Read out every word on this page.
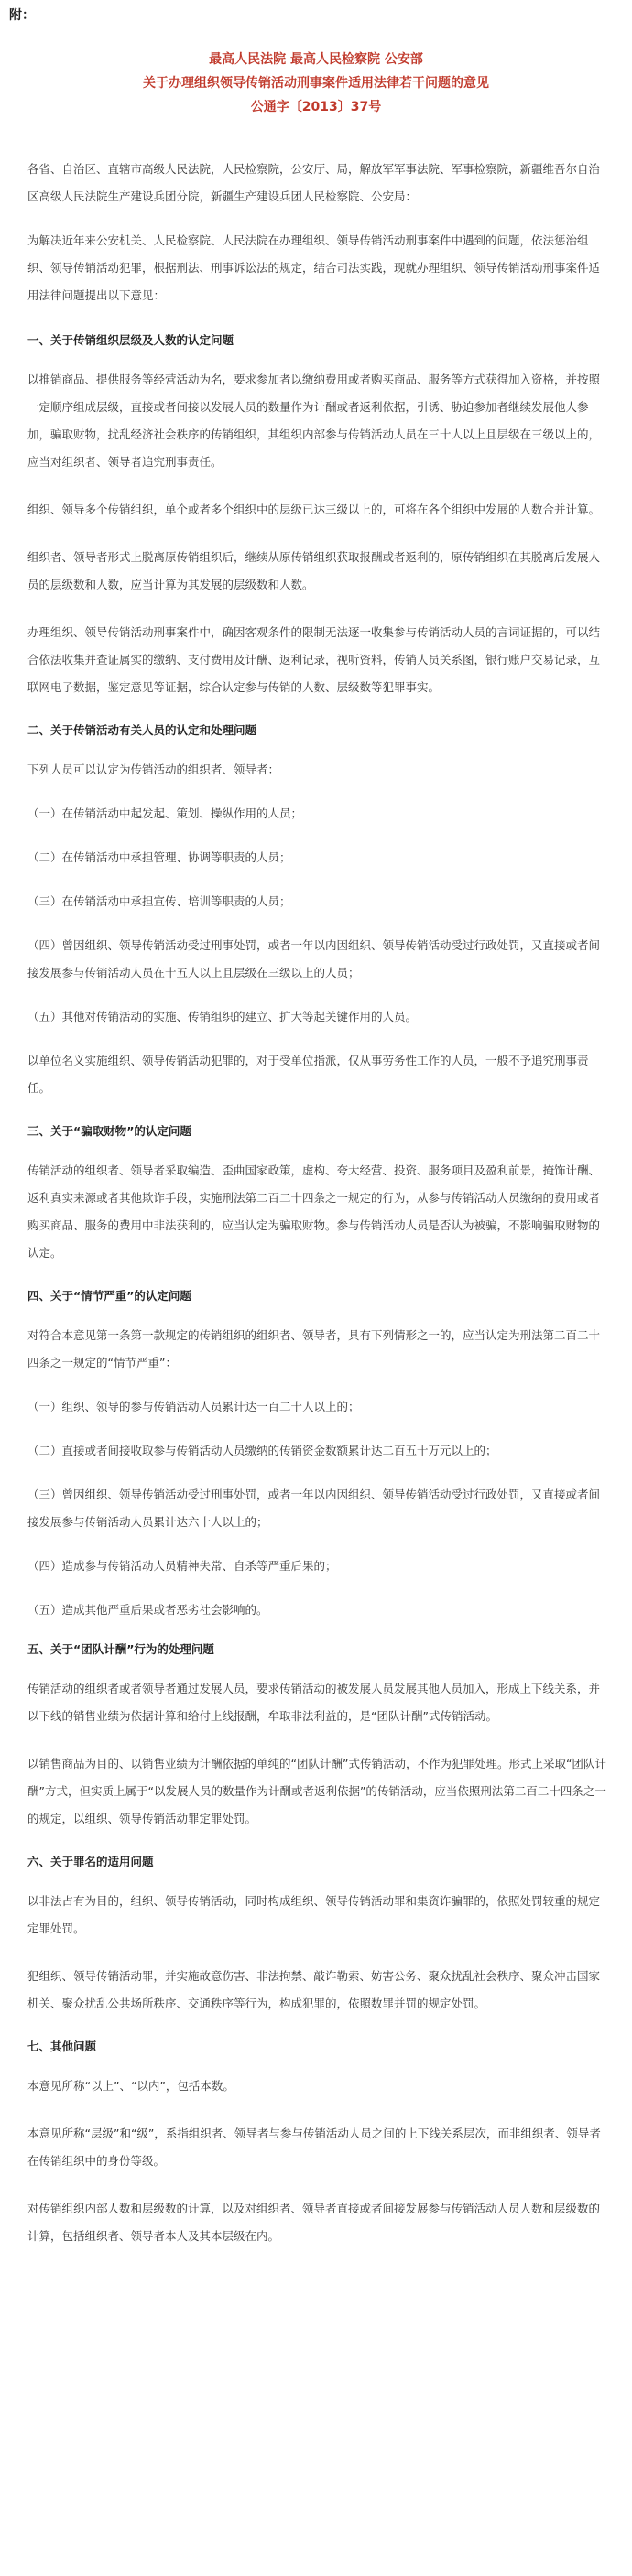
附：
最高人民法院 最高人民检察院 公安部
关于办理组织领导传销活动刑事案件适用法律若干问题的意见
公通字〔2013〕37号

各省、自治区、直辖市高级人民法院，人民检察院，公安厅、局，解放军军事法院、军事检察院，新疆维吾尔自治区高级人民法院生产建设兵团分院，新疆生产建设兵团人民检察院、公安局：

为解决近年来公安机关、人民检察院、人民法院在办理组织、领导传销活动刑事案件中遇到的问题，依法惩治组织、领导传销活动犯罪，根据刑法、刑事诉讼法的规定，结合司法实践，现就办理组织、领导传销活动刑事案件适用法律问题提出以下意见：

一、关于传销组织层级及人数的认定问题

以推销商品、提供服务等经营活动为名，要求参加者以缴纳费用或者购买商品、服务等方式获得加入资格，并按照一定顺序组成层级，直接或者间接以发展人员的数量作为计酬或者返利依据，引诱、胁迫参加者继续发展他人参加，骗取财物，扰乱经济社会秩序的传销组织，其组织内部参与传销活动人员在三十人以上且层级在三级以上的，应当对组织者、领导者追究刑事责任。

组织、领导多个传销组织，单个或者多个组织中的层级已达三级以上的，可将在各个组织中发展的人数合并计算。

组织者、领导者形式上脱离原传销组织后，继续从原传销组织获取报酬或者返利的，原传销组织在其脱离后发展人员的层级数和人数，应当计算为其发展的层级数和人数。

办理组织、领导传销活动刑事案件中，确因客观条件的限制无法逐一收集参与传销活动人员的言词证据的，可以结合依法收集并查证属实的缴纳、支付费用及计酬、返利记录，视听资料，传销人员关系图，银行账户交易记录，互联网电子数据，鉴定意见等证据，综合认定参与传销的人数、层级数等犯罪事实。

二、关于传销活动有关人员的认定和处理问题

下列人员可以认定为传销活动的组织者、领导者：

（一）在传销活动中起发起、策划、操纵作用的人员；

（二）在传销活动中承担管理、协调等职责的人员；

（三）在传销活动中承担宣传、培训等职责的人员；

（四）曾因组织、领导传销活动受过刑事处罚，或者一年以内因组织、领导传销活动受过行政处罚，又直接或者间接发展参与传销活动人员在十五人以上且层级在三级以上的人员；

（五）其他对传销活动的实施、传销组织的建立、扩大等起关键作用的人员。

以单位名义实施组织、领导传销活动犯罪的，对于受单位指派，仅从事劳务性工作的人员，一般不予追究刑事责任。

三、关于“骗取财物”的认定问题

传销活动的组织者、领导者采取编造、歪曲国家政策，虚构、夸大经营、投资、服务项目及盈利前景，掩饰计酬、返利真实来源或者其他欺诈手段，实施刑法第二百二十四条之一规定的行为，从参与传销活动人员缴纳的费用或者购买商品、服务的费用中非法获利的，应当认定为骗取财物。参与传销活动人员是否认为被骗，不影响骗取财物的认定。

四、关于“情节严重”的认定问题

对符合本意见第一条第一款规定的传销组织的组织者、领导者，具有下列情形之一的，应当认定为刑法第二百二十四条之一规定的“情节严重”：

（一）组织、领导的参与传销活动人员累计达一百二十人以上的；

（二）直接或者间接收取参与传销活动人员缴纳的传销资金数额累计达二百五十万元以上的；

（三）曾因组织、领导传销活动受过刑事处罚，或者一年以内因组织、领导传销活动受过行政处罚，又直接或者间接发展参与传销活动人员累计达六十人以上的；

（四）造成参与传销活动人员精神失常、自杀等严重后果的；

（五）造成其他严重后果或者恶劣社会影响的。

五、关于“团队计酬”行为的处理问题

传销活动的组织者或者领导者通过发展人员，要求传销活动的被发展人员发展其他人员加入，形成上下线关系，并以下线的销售业绩为依据计算和给付上线报酬，牟取非法利益的，是“团队计酬”式传销活动。

以销售商品为目的、以销售业绩为计酬依据的单纯的“团队计酬”式传销活动，不作为犯罪处理。形式上采取“团队计酬”方式，但实质上属于“以发展人员的数量作为计酬或者返利依据”的传销活动，应当依照刑法第二百二十四条之一的规定，以组织、领导传销活动罪定罪处罚。

六、关于罪名的适用问题

以非法占有为目的，组织、领导传销活动，同时构成组织、领导传销活动罪和集资诈骗罪的，依照处罚较重的规定定罪处罚。

犯组织、领导传销活动罪，并实施故意伤害、非法拘禁、敲诈勒索、妨害公务、聚众扰乱社会秩序、聚众冲击国家机关、聚众扰乱公共场所秩序、交通秩序等行为，构成犯罪的，依照数罪并罚的规定处罚。

七、其他问题

本意见所称“以上”、“以内”，包括本数。

本意见所称“层级”和“级”，系指组织者、领导者与参与传销活动人员之间的上下线关系层次，而非组织者、领导者在传销组织中的身份等级。

对传销组织内部人数和层级数的计算，以及对组织者、领导者直接或者间接发展参与传销活动人员人数和层级数的计算，包括组织者、领导者本人及其本层级在内。
